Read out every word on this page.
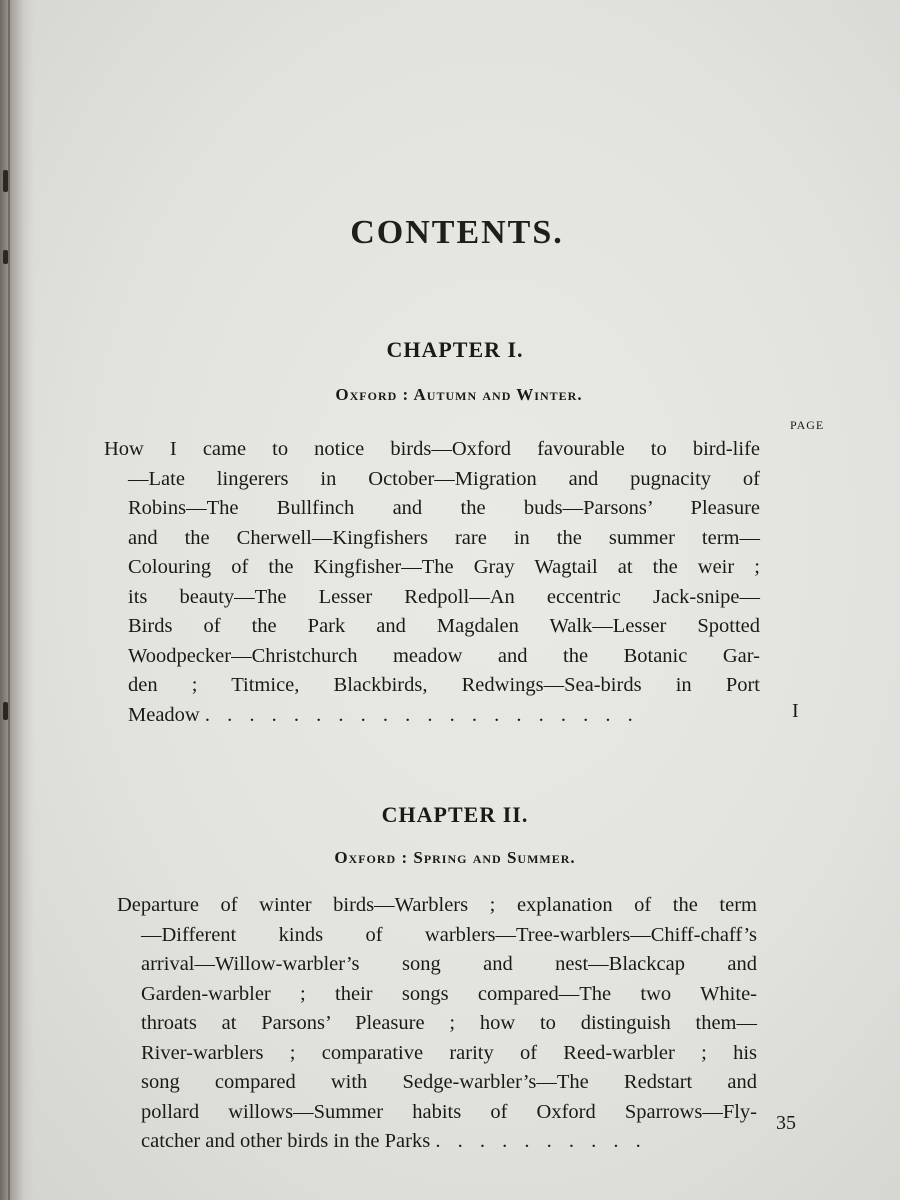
CONTENTS.
CHAPTER I.
Oxford : Autumn and Winter.

PAGE

How I came to notice birds—Oxford favourable to bird-life
—Late lingerers in October—Migration and pugnacity of
Robins—The Bullfinch and the buds—Parsons’ Pleasure
and the Cherwell—Kingfishers rare in the summer term—
Colouring of the Kingfisher—The Gray Wagtail at the weir ;
its beauty—The Lesser Redpoll—An eccentric Jack-snipe—
Birds of the Park and Magdalen Walk—Lesser Spotted
Woodpecker—Christchurch meadow and the Botanic Gar-
den ; Titmice, Blackbirds, Redwings—Sea-birds in Port
Meadow . . . . . . . . . . . . . . . . . . . .	I

CHAPTER II.
Oxford : Spring and Summer.
Departure of winter birds—Warblers ; explanation of the term
—Different kinds of warblers—Tree-warblers—Chiff-chaff’s
arrival—Willow-warbler’s song and nest—Blackcap and
Garden-warbler ; their songs compared—The two White-
throats at Parsons’ Pleasure ; how to distinguish them—
River-warblers ; comparative rarity of Reed-warbler ; his
song compared with Sedge-warbler’s—The Redstart and
pollard willows—Summer habits of Oxford Sparrows—Fly-
catcher and other birds in the Parks . . . . . . . . . .

35
